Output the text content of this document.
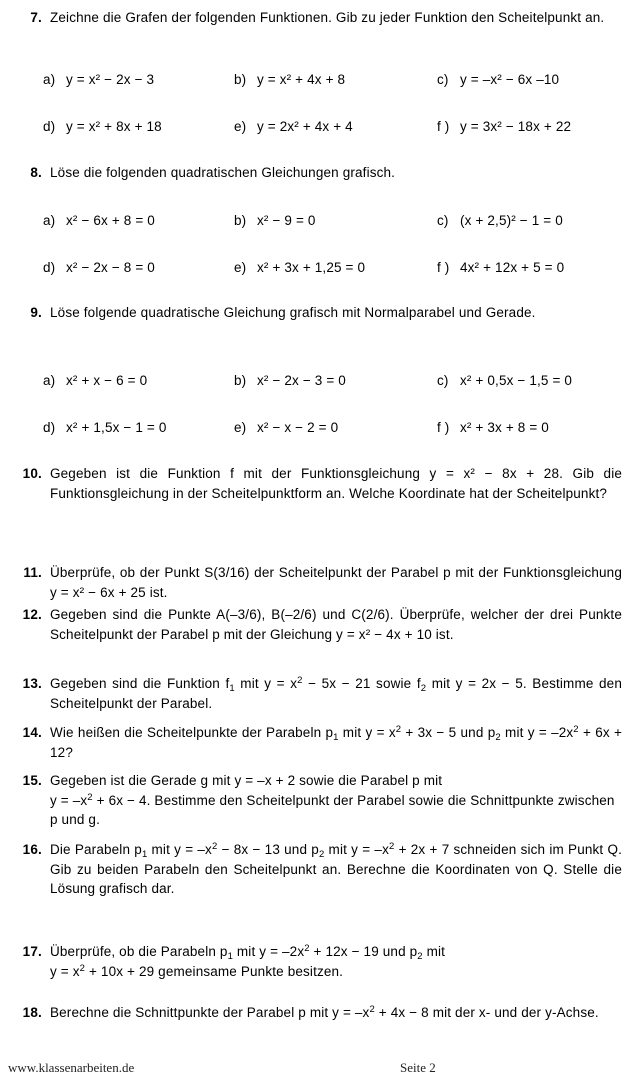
7. Zeichne die Grafen der folgenden Funktionen. Gib zu jeder Funktion den Scheitelpunkt an.
a) y = x² − 2x − 3	b) y = x² + 4x + 8	c) y = –x² − 6x –10
d) y = x² + 8x + 18	e) y = 2x² + 4x + 4	f ) y = 3x² − 18x + 22
8. Löse die folgenden quadratischen Gleichungen grafisch.
a) x² − 6x + 8 = 0	b) x² − 9 = 0	c) (x + 2,5)² − 1 = 0
d) x² − 2x − 8 = 0	e) x² + 3x + 1,25 = 0	f ) 4x² + 12x + 5 = 0
9. Löse folgende quadratische Gleichung grafisch mit Normalparabel und Gerade.
a) x² + x − 6 = 0	b) x² − 2x − 3 = 0	c) x² + 0,5x − 1,5 = 0
d) x² + 1,5x − 1 = 0	e) x² − x − 2 = 0	f ) x² + 3x + 8 = 0
10. Gegeben ist die Funktion f mit der Funktionsgleichung y = x² − 8x + 28. Gib die Funktionsgleichung in der Scheitelpunktform an. Welche Koordinate hat der Scheitelpunkt?
11. Überprüfe, ob der Punkt S(3/16) der Scheitelpunkt der Parabel p mit der Funktionsgleichung y = x² − 6x + 25 ist.
12. Gegeben sind die Punkte A(–3/6), B(–2/6) und C(2/6). Überprüfe, welcher der drei Punkte Scheitelpunkt der Parabel p mit der Gleichung y = x² − 4x + 10 ist.
13. Gegeben sind die Funktion $f_1$ mit $y = x^2 - 5x - 21$ sowie $f_2$ mit y = 2x − 5. Bestimme den Scheitelpunkt der Parabel.
14. Wie heißen die Scheitelpunkte der Parabeln $p_1$ mit $y = x^2 + 3x - 5$ und $p_2$ mit $y = -2x^2 + 6x + 12$?
15. Gegeben ist die Gerade g mit y = –x + 2 sowie die Parabel p mit
$y = -x^2 + 6x - 4$. Bestimme den Scheitelpunkt der Parabel sowie die Schnittpunkte zwischen p und g.
16. Die Parabeln $p_1$ mit $y = -x^2 - 8x - 13$ und $p_2$ mit $y = -x^2 + 2x + 7$ schneiden sich im Punkt Q. Gib zu beiden Parabeln den Scheitelpunkt an. Berechne die Koordinaten von Q. Stelle die Lösung grafisch dar.
17. Überprüfe, ob die Parabeln $p_1$ mit $y = -2x^2 + 12x - 19$ und $p_2$ mit
$y = x^2 + 10x + 29$ gemeinsame Punkte besitzen.
18. Berechne die Schnittpunkte der Parabel p mit $y = -x^2 + 4x - 8$ mit der x- und der y-Achse.
www.klassenarbeiten.de	Seite 2
